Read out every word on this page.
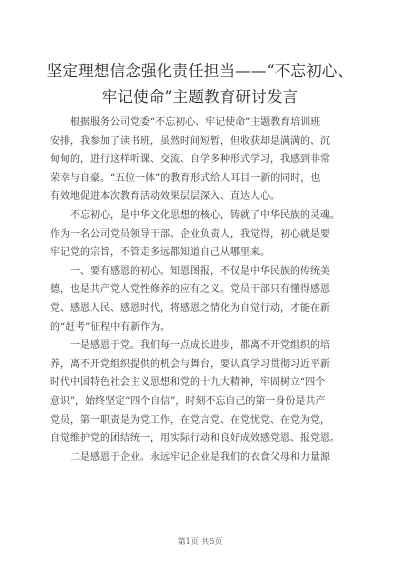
坚定理想信念强化责任担当——“不忘初心、
牢记使命”主题教育研讨发言
根据服务公司党委“不忘初心、牢记使命”主题教育培训班
安排，我参加了读书班，虽然时间短暂，但收获却是满满的、沉
甸甸的，进行这样听课、交流、自学多种形式学习，我感到非常
荣幸与自豪。“五位一体”的教育形式给人耳目一新的同时，也
有效地促进本次教育活动效果层层深入、直达人心。
不忘初心，是中华文化思想的核心，铸就了中华民族的灵魂。
作为一名公司党员领导干部、企业负责人，我觉得，初心就是要
牢记党的宗旨，不管走多远都知道自己从哪里来。
一、要有感恩的初心。知恩图报，不仅是中华民族的传统美
德，也是共产党人党性修养的应有之义。党员干部只有懂得感恩
党、感恩人民、感恩时代，将感恩之情化为自觉行动，才能在新
的“赶考”征程中有新作为。
一是感恩于党。我们每一点成长进步，都离不开党组织的培
养，离不开党组织提供的机会与舞台，要认真学习贯彻习近平新
时代中国特色社会主义思想和党的十九大精神，牢固树立“四个
意识”，始终坚定“四个自信”，时刻不忘自己的第一身份是共产
党员，第一职责是为党工作，在党言党、在党忧党、在党为党，
自觉维护党的团结统一，用实际行动和良好成效感党恩、报党恩。
二是感恩于企业。永远牢记企业是我们的衣食父母和力量源
第1页 共5页
